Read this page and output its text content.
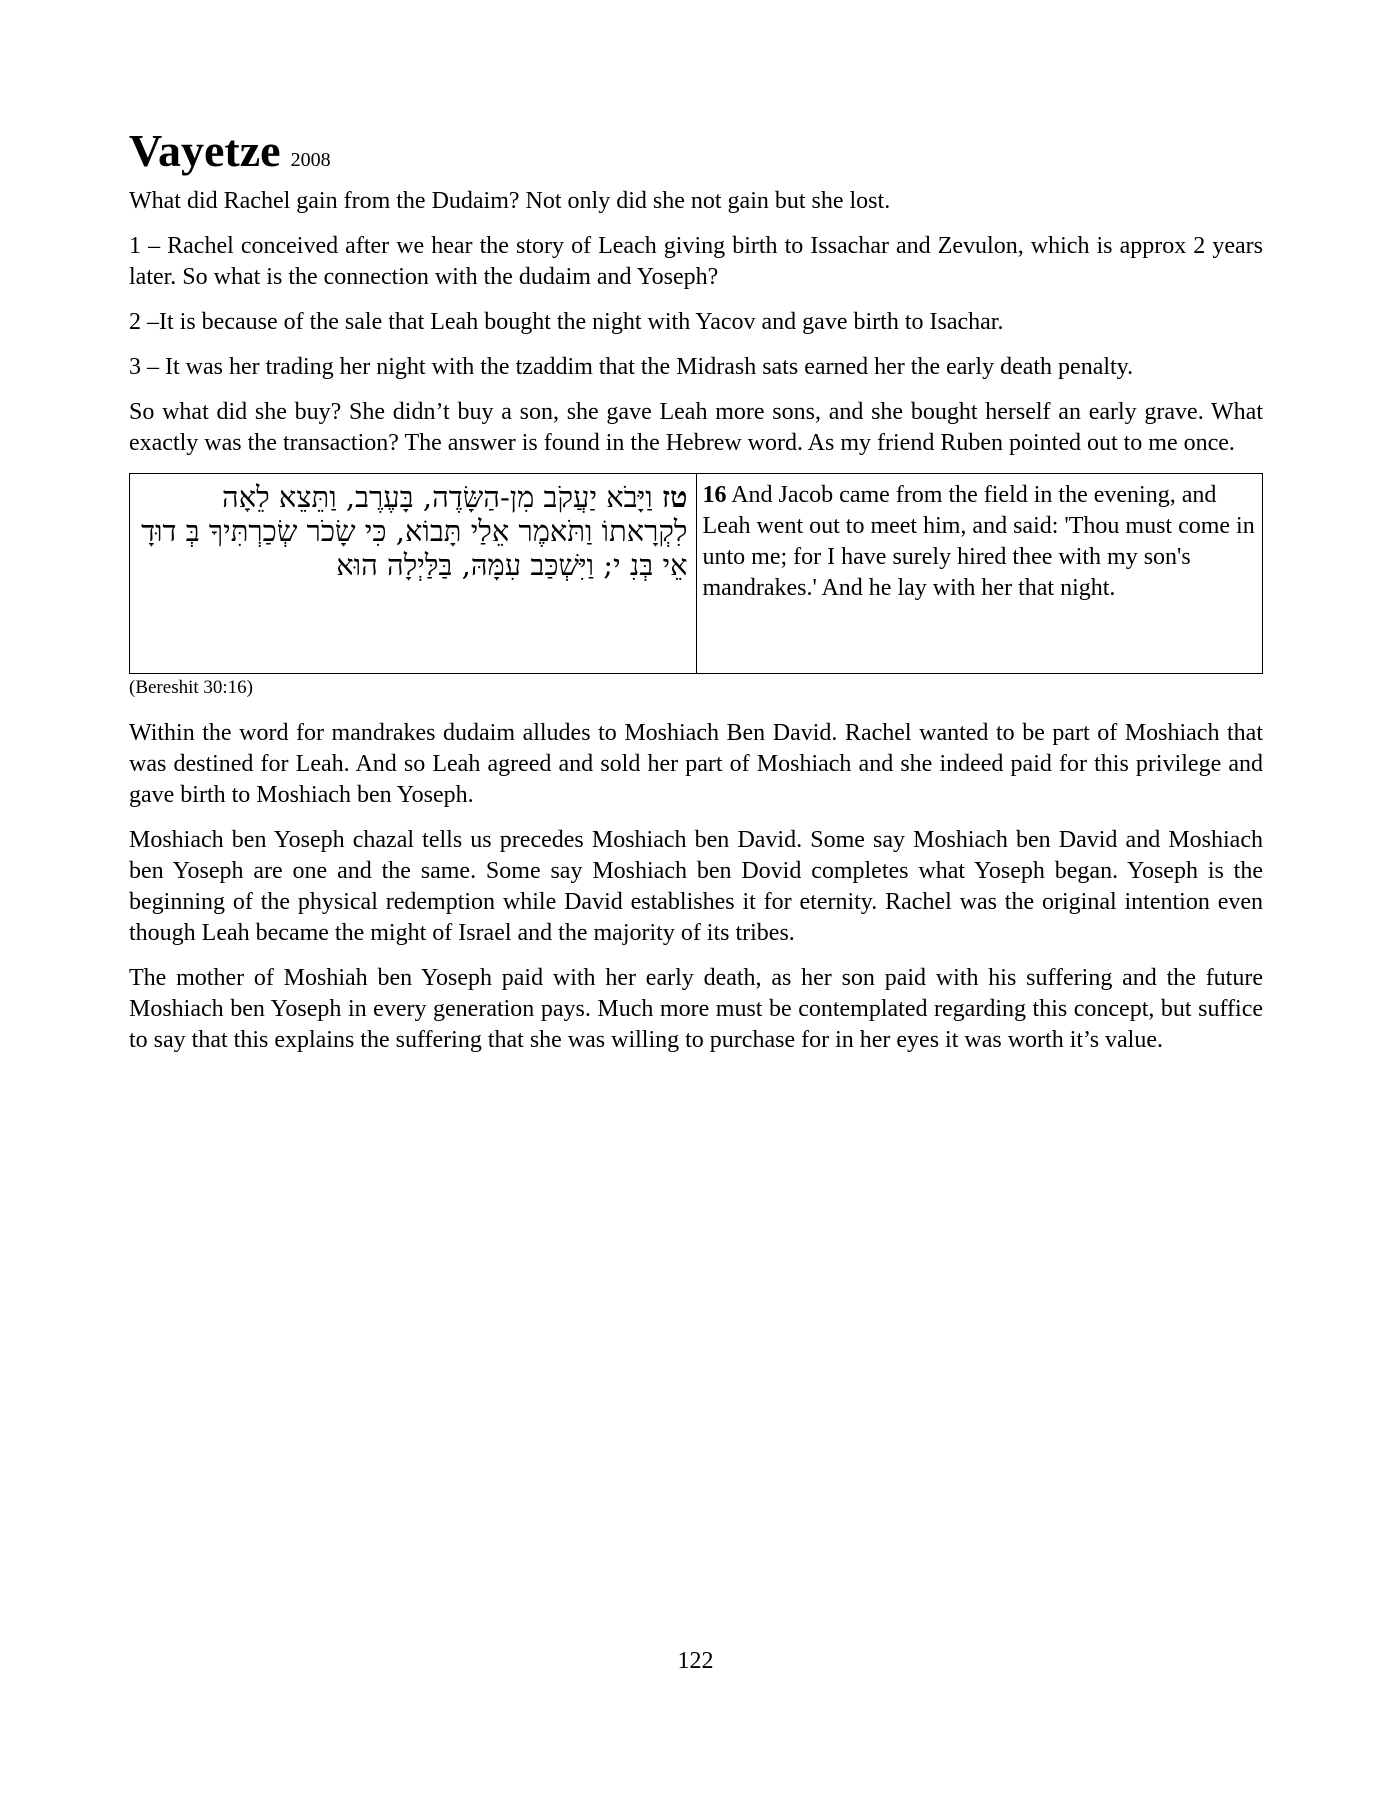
Vayetze 2008

What did Rachel gain from the Dudaim? Not only did she not gain but she lost.

1 – Rachel conceived after we hear the story of Leach giving birth to Issachar and Zevulon, which is approx 2 years later. So what is the connection with the dudaim and Yoseph?

2 –It is because of the sale that Leah bought the night with Yacov and gave birth to Isachar.

3 – It was her trading her night with the tzaddim that the Midrash sats earned her the early death penalty.

So what did she buy? She didn’t buy a son, she gave Leah more sons, and she bought herself an early grave. What exactly was the transaction? The answer is found in the Hebrew word. As my friend Ruben pointed out to me once.

טז וַיָּבֹא יַעֲקֹב מִן-הַשָּׂדֶה, בָּעֶרֶב, וַתֵּצֵא לֵאָה לִקְרָאתוֹ וַתֹּאמֶר אֵלַי תָּבוֹא, כִּי שָׂכֹר שְׂכַרְתִּיךָ בְּ דוּדָ אֵי בְּנִ י; וַיִּשְׁכַּב עִמָּהּ, בַּלַּיְלָה הוּא	16 And Jacob came from the field in the evening, and Leah went out to meet him, and said: 'Thou must come in unto me; for I have surely hired thee with my son's mandrakes.' And he lay with her that night.
(Bereshit 30:16)

Within the word for mandrakes dudaim alludes to Moshiach Ben David. Rachel wanted to be part of Moshiach that was destined for Leah. And so Leah agreed and sold her part of Moshiach and she indeed paid for this privilege and gave birth to Moshiach ben Yoseph.

Moshiach ben Yoseph chazal tells us precedes Moshiach ben David. Some say Moshiach ben David and Moshiach ben Yoseph are one and the same. Some say Moshiach ben Dovid completes what Yoseph began. Yoseph is the beginning of the physical redemption while David establishes it for eternity. Rachel was the original intention even though Leah became the might of Israel and the majority of its tribes.

The mother of Moshiah ben Yoseph paid with her early death, as her son paid with his suffering and the future Moshiach ben Yoseph in every generation pays. Much more must be contemplated regarding this concept, but suffice to say that this explains the suffering that she was willing to purchase for in her eyes it was worth it’s value.

122
